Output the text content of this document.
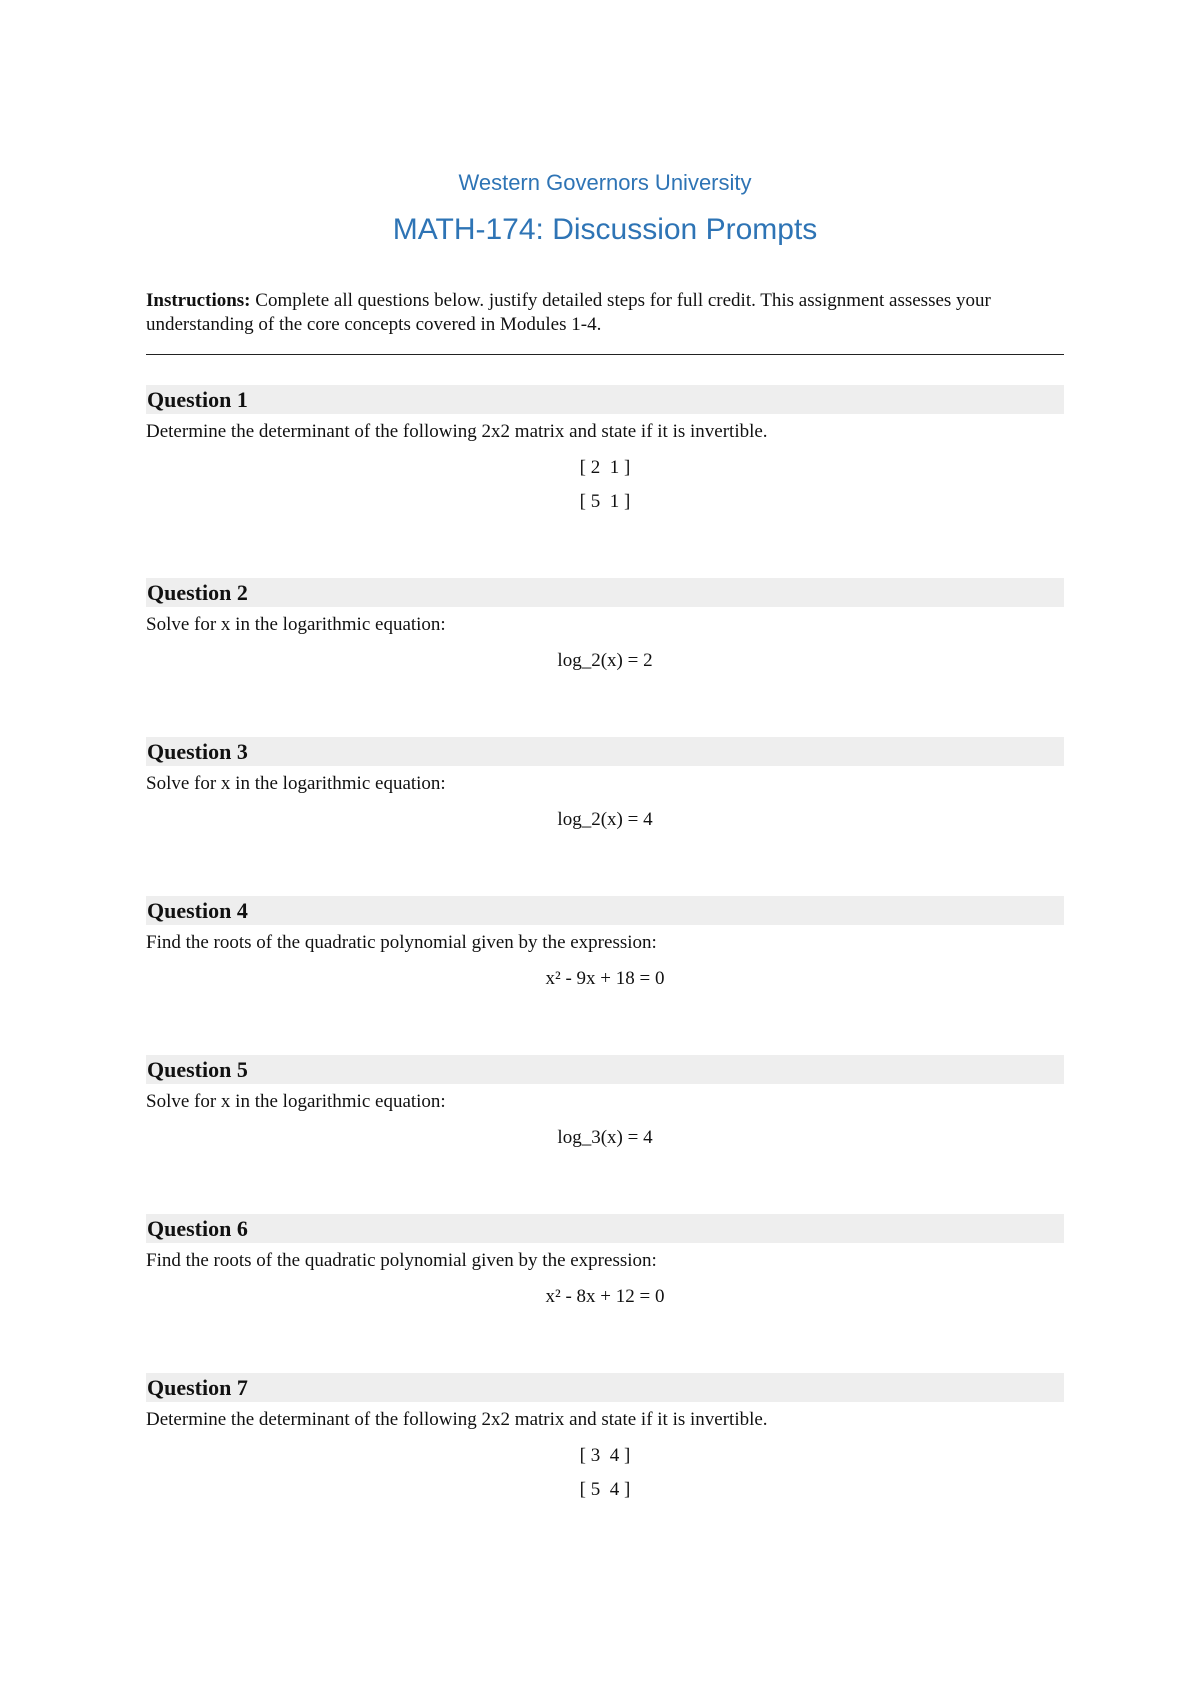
Western Governors University
MATH-174: Discussion Prompts
Instructions: Complete all questions below. justify detailed steps for full credit. This assignment assesses your understanding of the core concepts covered in Modules 1-4.
Question 1
Determine the determinant of the following 2x2 matrix and state if it is invertible.
[ 2  1 ]
[ 5  1 ]
Question 2
Solve for x in the logarithmic equation:
log_2(x) = 2
Question 3
Solve for x in the logarithmic equation:
log_2(x) = 4
Question 4
Find the roots of the quadratic polynomial given by the expression:
x² - 9x + 18 = 0
Question 5
Solve for x in the logarithmic equation:
log_3(x) = 4
Question 6
Find the roots of the quadratic polynomial given by the expression:
x² - 8x + 12 = 0
Question 7
Determine the determinant of the following 2x2 matrix and state if it is invertible.
[ 3  4 ]
[ 5  4 ]
